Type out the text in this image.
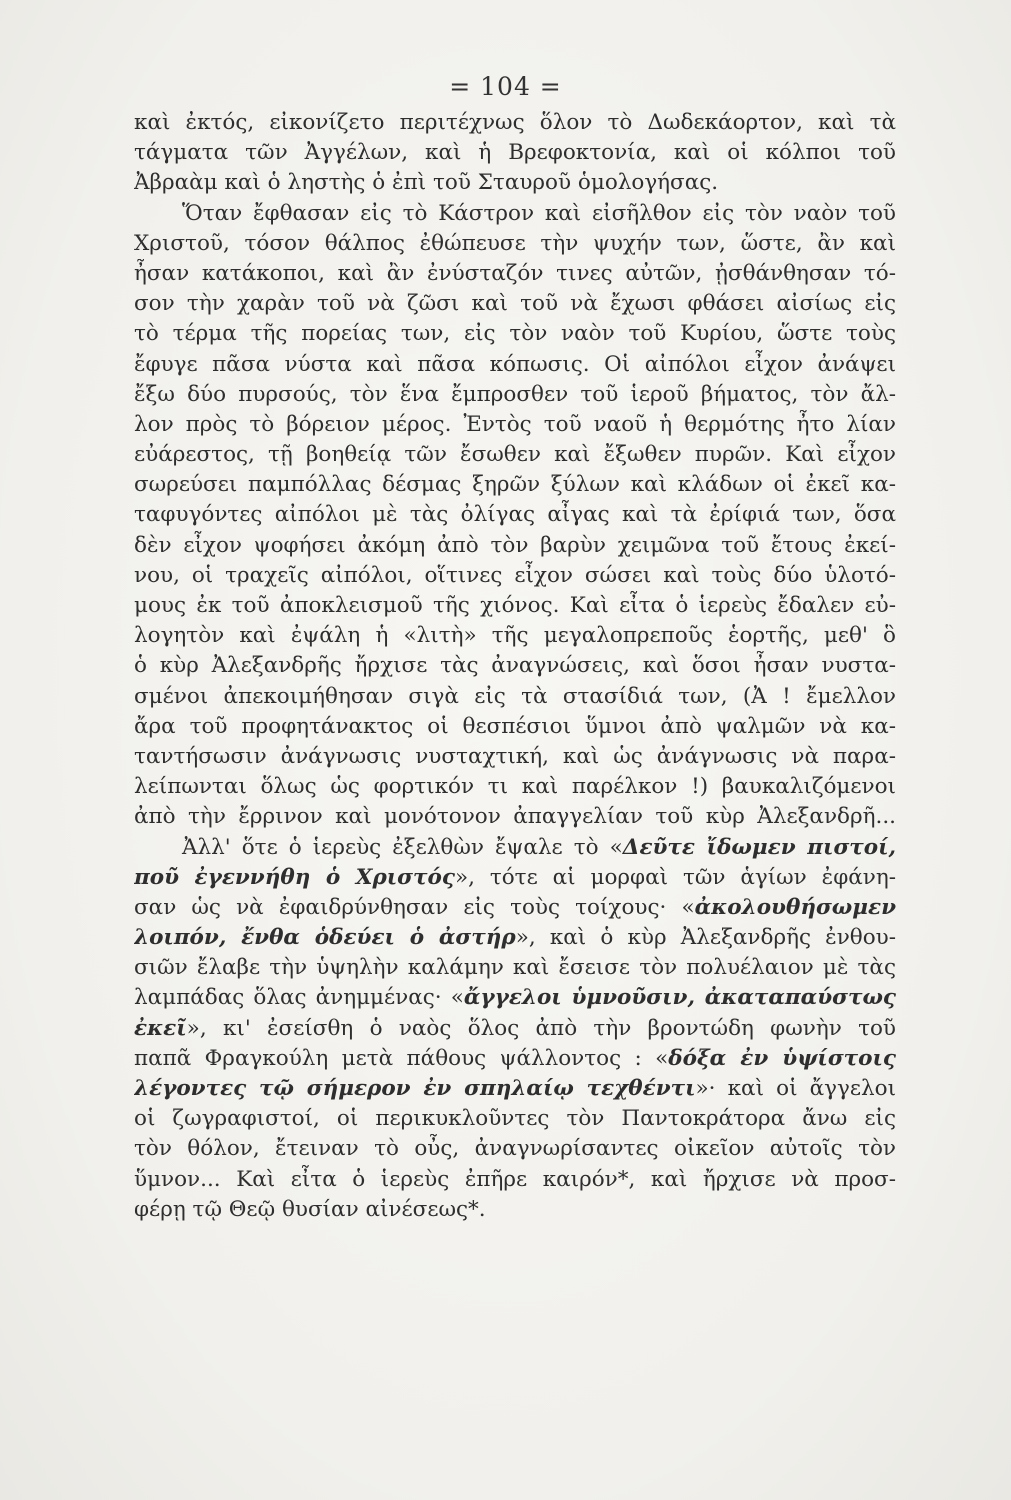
= 104 =
καὶ ἐκτός, εἰκονίζετο περιτέχνως ὅλον τὸ Δωδεκάορτον, καὶ τὰ
τάγματα τῶν Ἀγγέλων, καὶ ἡ Βρεφοκτονία, καὶ οἱ κόλποι τοῦ
Ἀβραὰμ καὶ ὁ ληστὴς ὁ ἐπὶ τοῦ Σταυροῦ ὁμολογήσας.
Ὅταν ἔφθασαν εἰς τὸ Κάστρον καὶ εἰσῆλθον εἰς τὸν ναὸν τοῦ
Χριστοῦ, τόσον θάλπος ἐθώπευσε τὴν ψυχήν των, ὥστε, ἂν καὶ
ἦσαν κατάκοποι, καὶ ἂν ἐνύσταζόν τινες αὐτῶν, ᾐσθάνθησαν τό-
σον τὴν χαρὰν τοῦ νὰ ζῶσι καὶ τοῦ νὰ ἔχωσι φθάσει αἰσίως εἰς
τὸ τέρμα τῆς πορείας των, εἰς τὸν ναὸν τοῦ Κυρίου, ὥστε τοὺς
ἔφυγε πᾶσα νύστα καὶ πᾶσα κόπωσις. Οἱ αἰπόλοι εἶχον ἀνάψει
ἔξω δύο πυρσούς, τὸν ἕνα ἔμπροσθεν τοῦ ἱεροῦ βήματος, τὸν ἄλ-
λον πρὸς τὸ βόρειον μέρος. Ἐντὸς τοῦ ναοῦ ἡ θερμότης ἦτο λίαν
εὐάρεστος, τῇ βοηθείᾳ τῶν ἔσωθεν καὶ ἔξωθεν πυρῶν. Καὶ εἶχον
σωρεύσει παμπόλλας δέσμας ξηρῶν ξύλων καὶ κλάδων οἱ ἐκεῖ κα-
ταφυγόντες αἰπόλοι μὲ τὰς ὀλίγας αἶγας καὶ τὰ ἐρίφιά των, ὅσα
δὲν εἶχον ψοφήσει ἀκόμη ἀπὸ τὸν βαρὺν χειμῶνα τοῦ ἔτους ἐκεί-
νου, οἱ τραχεῖς αἰπόλοι, οἵτινες εἶχον σώσει καὶ τοὺς δύο ὑλοτό-
μους ἐκ τοῦ ἀποκλεισμοῦ τῆς χιόνος. Καὶ εἶτα ὁ ἱερεὺς ἔδαλεν εὐ-
λογητὸν καὶ ἐψάλη ἡ «λιτὴ» τῆς μεγαλοπρεποῦς ἑορτῆς, μεθ' ὃ
ὁ κὺρ Ἀλεξανδρῆς ἤρχισε τὰς ἀναγνώσεις, καὶ ὅσοι ἦσαν νυστα-
σμένοι ἀπεκοιμήθησαν σιγὰ εἰς τὰ στασίδιά των, (Ἀ ! ἔμελλον
ἄρα τοῦ προφητάνακτος οἱ θεσπέσιοι ὕμνοι ἀπὸ ψαλμῶν νὰ κα-
ταντήσωσιν ἀνάγνωσις νυσταχτική, καὶ ὡς ἀνάγνωσις νὰ παρα-
λείπωνται ὅλως ὡς φορτικόν τι καὶ παρέλκον !) βαυκαλιζόμενοι
ἀπὸ τὴν ἔρρινον καὶ μονότονον ἀπαγγελίαν τοῦ κὺρ Ἀλεξανδρῆ...
Ἀλλ' ὅτε ὁ ἱερεὺς ἐξελθὼν ἔψαλε τὸ «Δεῦτε ἴδωμεν πιστοί,
ποῦ ἐγεννήθη ὁ Χριστός», τότε αἱ μορφαὶ τῶν ἁγίων ἐφάνη-
σαν ὡς νὰ ἐφαιδρύνθησαν εἰς τοὺς τοίχους· «ἀκολουθήσωμεν
λοιπόν, ἔνθα ὁδεύει ὁ ἀστήρ», καὶ ὁ κὺρ Ἀλεξανδρῆς ἐνθου-
σιῶν ἔλαβε τὴν ὑψηλὴν καλάμην καὶ ἔσεισε τὸν πολυέλαιον μὲ τὰς
λαμπάδας ὅλας ἀνημμένας· «ἄγγελοι ὑμνοῦσιν, ἀκαταπαύστως
ἐκεῖ», κι' ἐσείσθη ὁ ναὸς ὅλος ἀπὸ τὴν βροντώδη φωνὴν τοῦ
παπᾶ Φραγκούλη μετὰ πάθους ψάλλοντος : «δόξα ἐν ὑψίστοις
λέγοντες τῷ σήμερον ἐν σπηλαίῳ τεχθέντι»· καὶ οἱ ἄγγελοι
οἱ ζωγραφιστοί, οἱ περικυκλοῦντες τὸν Παντοκράτορα ἄνω εἰς
τὸν θόλον, ἔτειναν τὸ οὖς, ἀναγνωρίσαντες οἰκεῖον αὐτοῖς τὸν
ὕμνον... Καὶ εἶτα ὁ ἱερεὺς ἐπῆρε καιρόν*, καὶ ἤρχισε νὰ προσ-
φέρῃ τῷ Θεῷ θυσίαν αἰνέσεως*.
